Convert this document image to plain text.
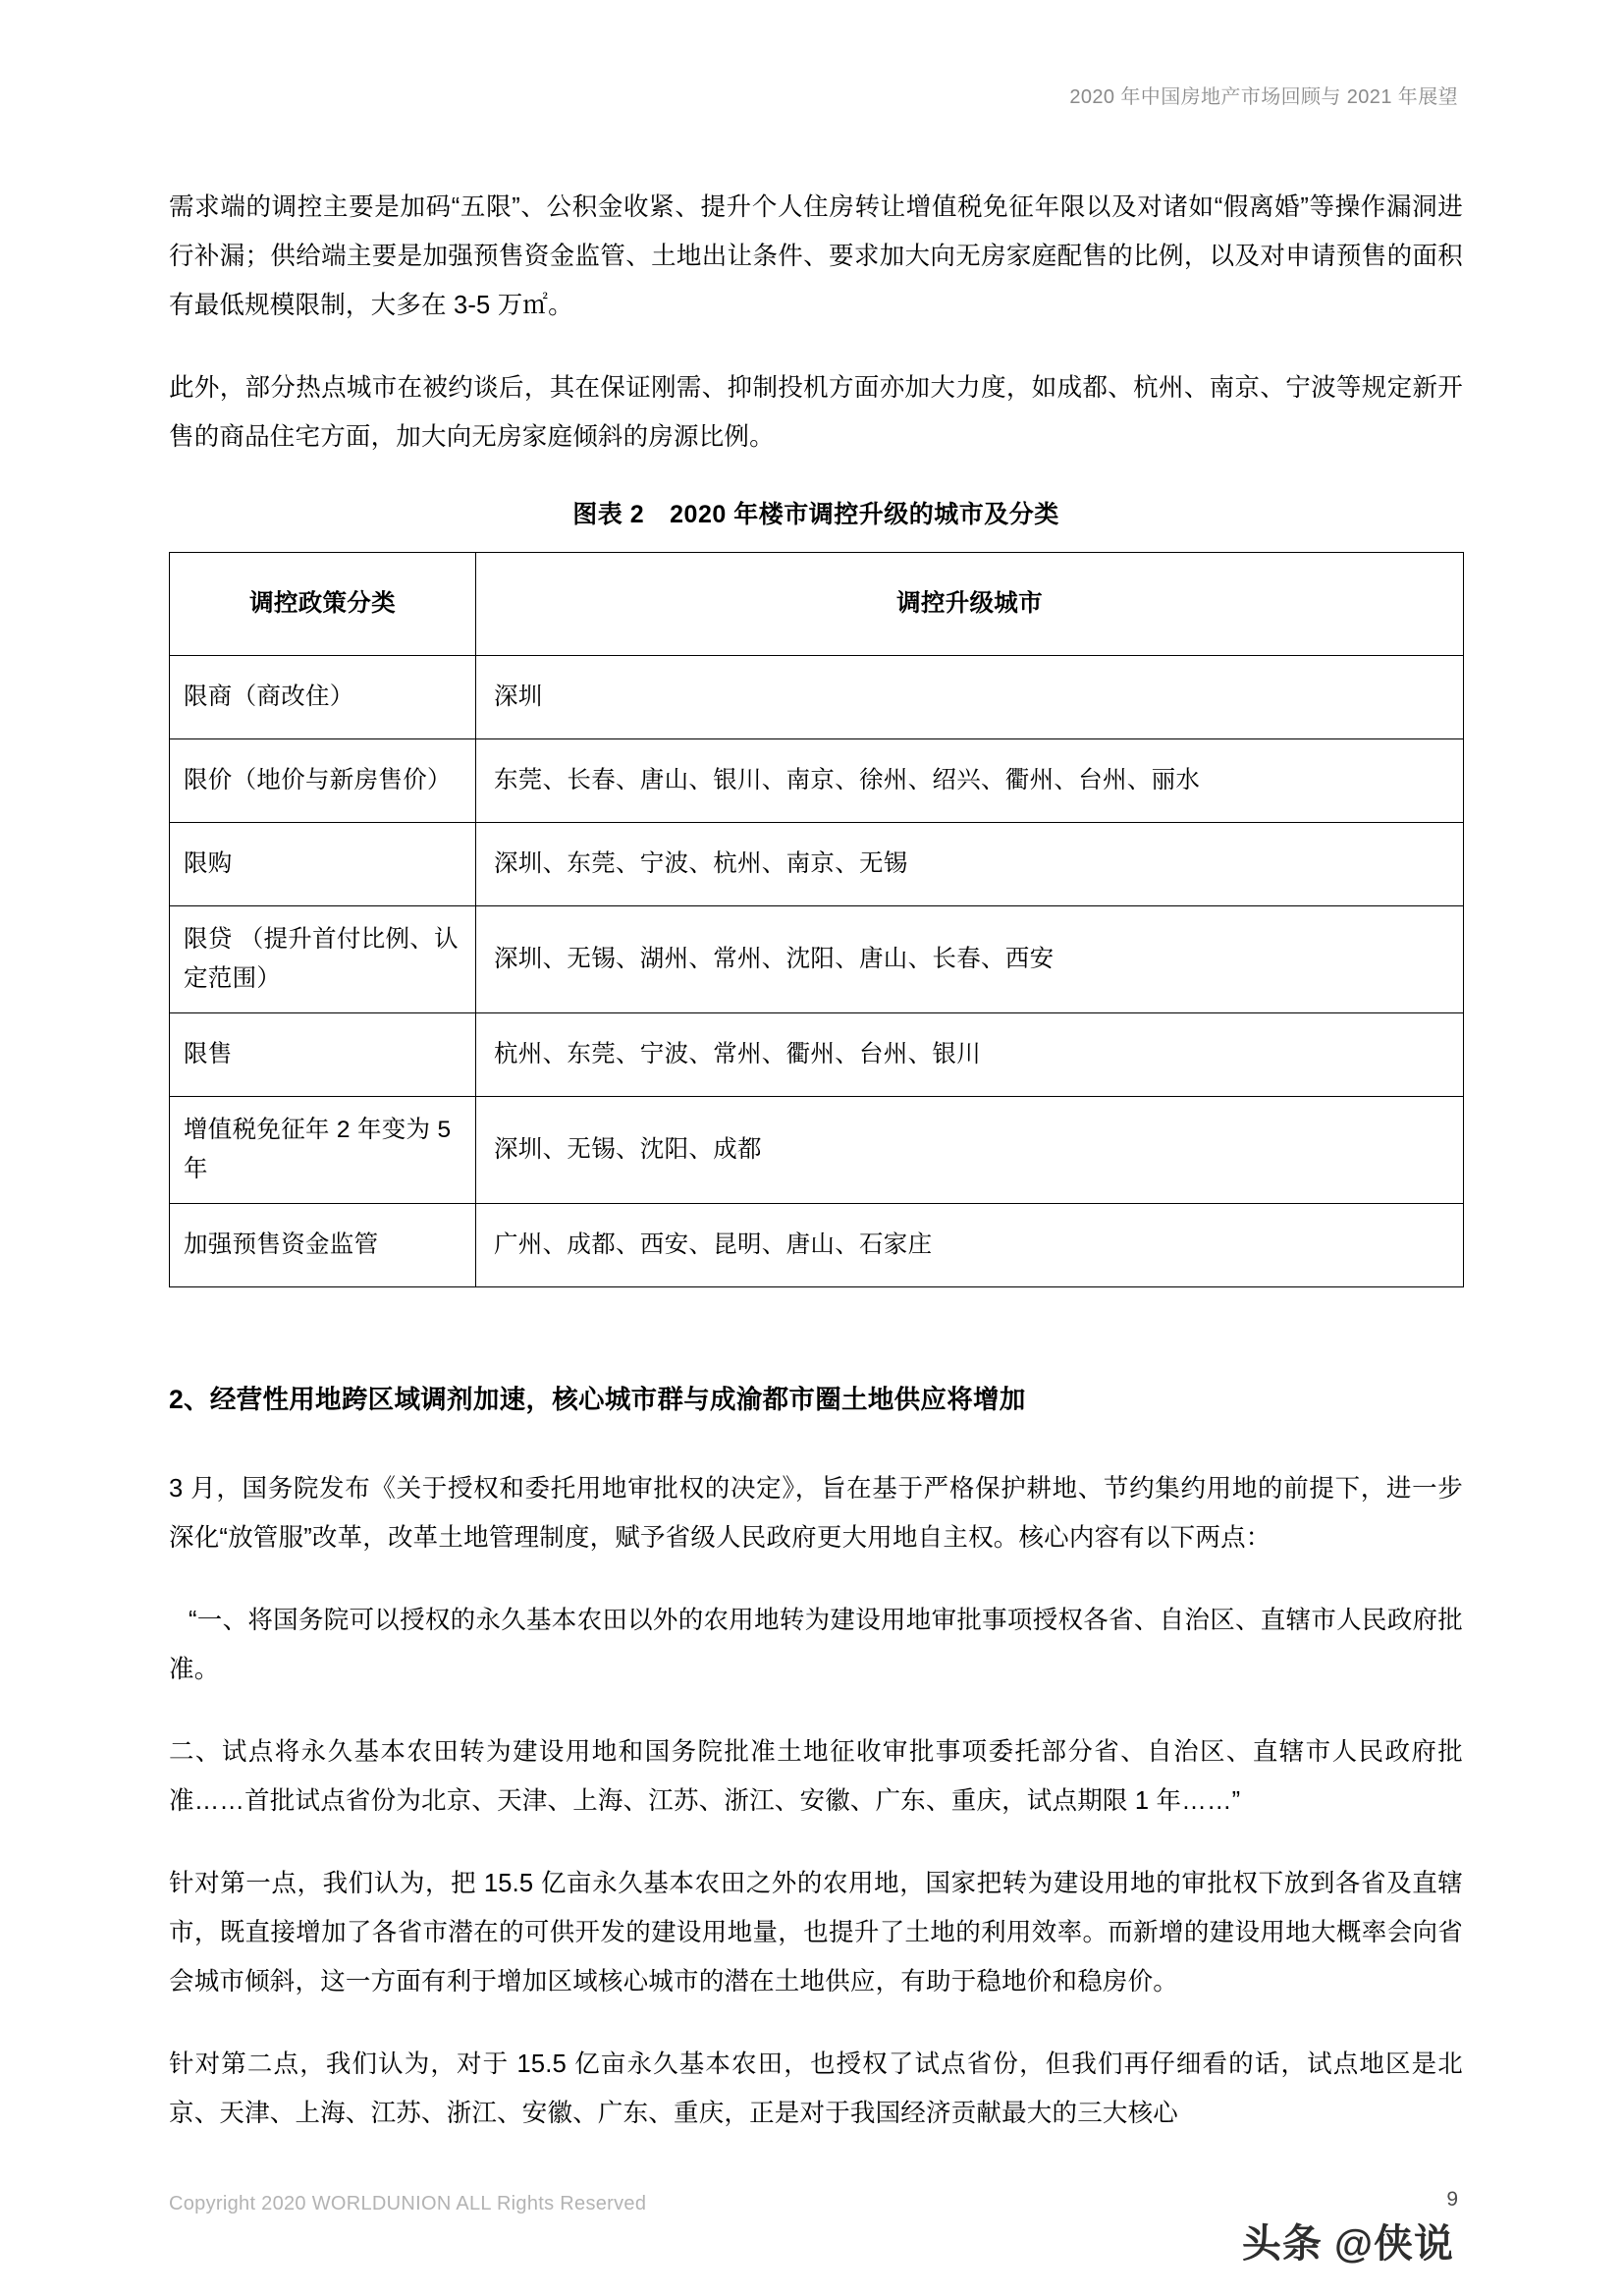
2020 年中国房地产市场回顾与 2021 年展望

需求端的调控主要是加码“五限”、公积金收紧、提升个人住房转让增值税免征年限以及对诸如“假离婚”等操作漏洞进行补漏；供给端主要是加强预售资金监管、土地出让条件、要求加大向无房家庭配售的比例，以及对申请预售的面积有最低规模限制，大多在 3-5 万㎡。

此外，部分热点城市在被约谈后，其在保证刚需、抑制投机方面亦加大力度，如成都、杭州、南京、宁波等规定新开售的商品住宅方面，加大向无房家庭倾斜的房源比例。

图表 2 2020 年楼市调控升级的城市及分类
调控政策分类	调控升级城市
限商（商改住）	深圳
限价（地价与新房售价）	东莞、长春、唐山、银川、南京、徐州、绍兴、衢州、台州、丽水
限购	深圳、东莞、宁波、杭州、南京、无锡
限贷 （提升首付比例、认定范围）	深圳、无锡、湖州、常州、沈阳、唐山、长春、西安
限售	杭州、东莞、宁波、常州、衢州、台州、银川
增值税免征年 2 年变为 5 年	深圳、无锡、沈阳、成都
加强预售资金监管	广州、成都、西安、昆明、唐山、石家庄
2、经营性用地跨区域调剂加速，核心城市群与成渝都市圈土地供应将增加

3 月，国务院发布《关于授权和委托用地审批权的决定》，旨在基于严格保护耕地、节约集约用地的前提下，进一步深化“放管服”改革，改革土地管理制度，赋予省级人民政府更大用地自主权。核心内容有以下两点：

“一、将国务院可以授权的永久基本农田以外的农用地转为建设用地审批事项授权各省、自治区、直辖市人民政府批准。

二、试点将永久基本农田转为建设用地和国务院批准土地征收审批事项委托部分省、自治区、直辖市人民政府批准……首批试点省份为北京、天津、上海、江苏、浙江、安徽、广东、重庆，试点期限 1 年……”

针对第一点，我们认为，把 15.5 亿亩永久基本农田之外的农用地，国家把转为建设用地的审批权下放到各省及直辖市，既直接增加了各省市潜在的可供开发的建设用地量，也提升了土地的利用效率。而新增的建设用地大概率会向省会城市倾斜，这一方面有利于增加区域核心城市的潜在土地供应，有助于稳地价和稳房价。

针对第二点，我们认为，对于 15.5 亿亩永久基本农田，也授权了试点省份，但我们再仔细看的话，试点地区是北京、天津、上海、江苏、浙江、安徽、广东、重庆，正是对于我国经济贡献最大的三大核心

Copyright 2020 WORLDUNION ALL Rights Reserved	9
头条 @侠说
